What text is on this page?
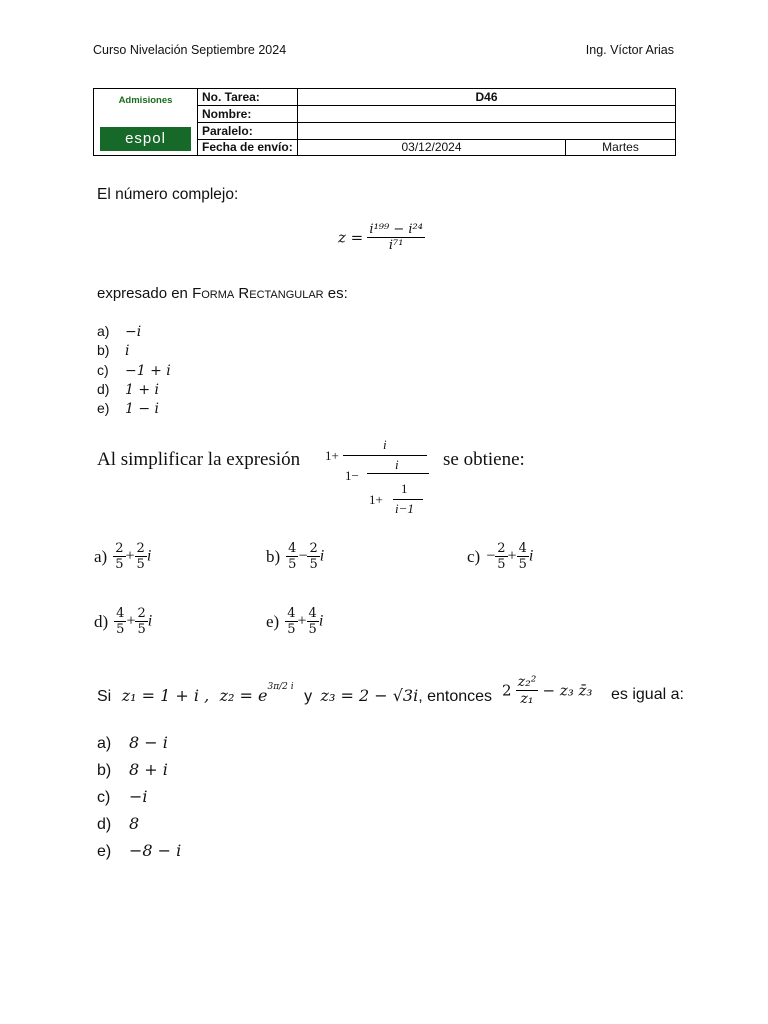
Curso Nivelación Septiembre 2024	Ing. Víctor Arias
Admisiones
espol
No. Tarea:	D46
Nombre:
Paralelo:
Fecha de envío:	03/12/2024	Martes
El número complejo:
$z = \frac{\text{i¹⁹⁹ − i²⁴}}{\text{i⁷¹}}$
expresado en Forma Rectangular es:
a) −i
b) i
c) −1 + i
d) 1 + i
e) 1 − i
Al simplificar la expresión 1+
i
1−
i
1+
1
i−1
se obtiene:
$a) \frac{2}{5} + \frac{2}{5}$ i	$b) \frac{4}{5} - \frac{2}{5}$ i	$c) - \frac{2}{5} + \frac{4}{5}$ i
$d) \frac{4}{5} + \frac{2}{5}$ i	$e) \frac{4}{5} + \frac{4}{5}$ i
Si z₁ = 1 + i , $z_2 = e^{3\pi/2 i}$ y z₃ = 2 − √3i, entonces $2 \frac{\text{z₂²}}{\text{z₁}} - z_3$ z̄₃ es igual a:
a) 8 − i
b) 8 + i
c) −i
d) 8
e) −8 − i
